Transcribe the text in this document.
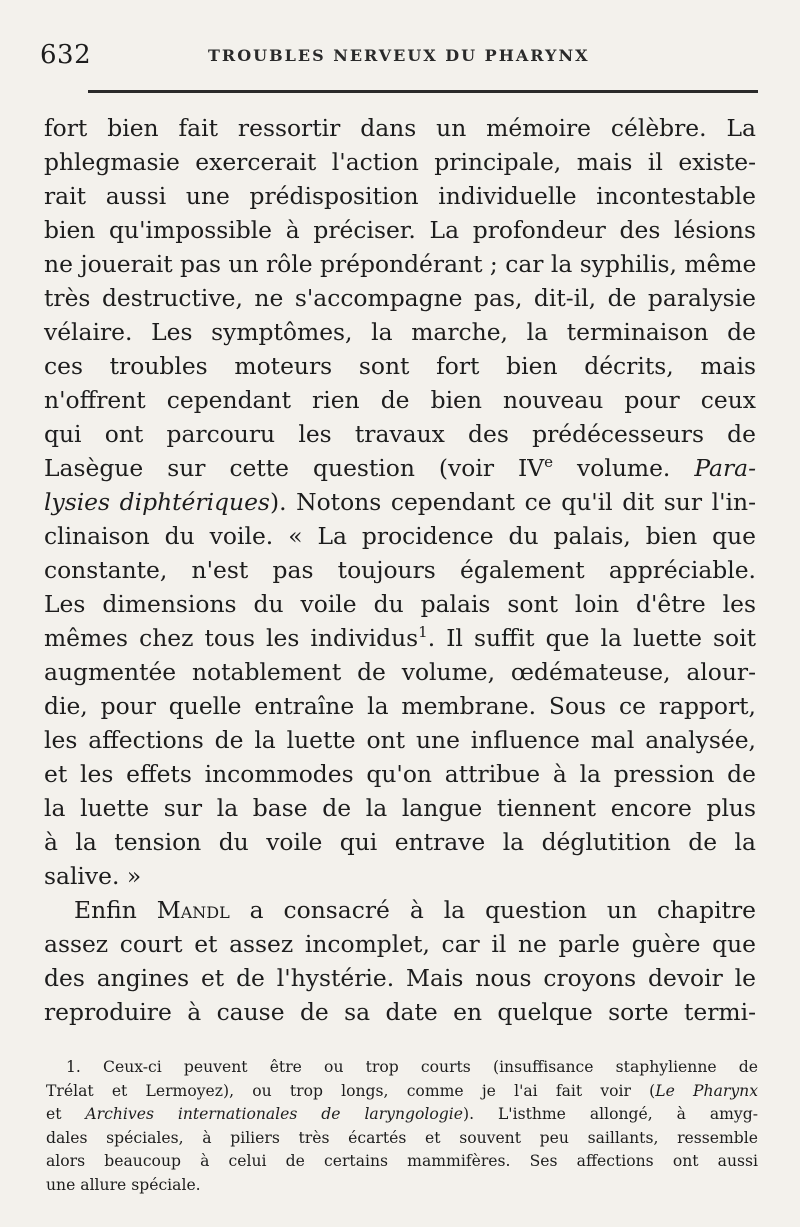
632	TROUBLES NERVEUX DU PHARYNX
fort bien fait ressortir dans un mémoire célèbre. La
phlegmasie exercerait l'action principale, mais il existe-
rait aussi une prédisposition individuelle incontestable
bien qu'impossible à préciser. La profondeur des lésions
ne jouerait pas un rôle prépondérant ; car la syphilis, même
très destructive, ne s'accompagne pas, dit-il, de paralysie
vélaire. Les symptômes, la marche, la terminaison de
ces troubles moteurs sont fort bien décrits, mais
n'offrent cependant rien de bien nouveau pour ceux
qui ont parcouru les travaux des prédécesseurs de
Lasègue sur cette question (voir IVe volume. Para-
lysies diphtériques). Notons cependant ce qu'il dit sur l'in-
clinaison du voile. « La procidence du palais, bien que
constante, n'est pas toujours également appréciable.
Les dimensions du voile du palais sont loin d'être les
mêmes chez tous les individus$^1$. Il suffit que la luette soit
augmentée notablement de volume, œdémateuse, alour-
die, pour quelle entraîne la membrane. Sous ce rapport,
les affections de la luette ont une influence mal analysée,
et les effets incommodes qu'on attribue à la pression de
la luette sur la base de la langue tiennent encore plus
à la tension du voile qui entrave la déglutition de la
salive. »
Enfin Mandl a consacré à la question un chapitre
assez court et assez incomplet, car il ne parle guère que
des angines et de l'hystérie. Mais nous croyons devoir le
reproduire à cause de sa date en quelque sorte termi-
1. Ceux-ci peuvent être ou trop courts (insuffisance staphylienne de
Trélat et Lermoyez), ou trop longs, comme je l'ai fait voir (Le Pharynx
et Archives internationales de laryngologie). L'isthme allongé, à amyg-
dales spéciales, à piliers très écartés et souvent peu saillants, ressemble
alors beaucoup à celui de certains mammifères. Ses affections ont aussi
une allure spéciale.
